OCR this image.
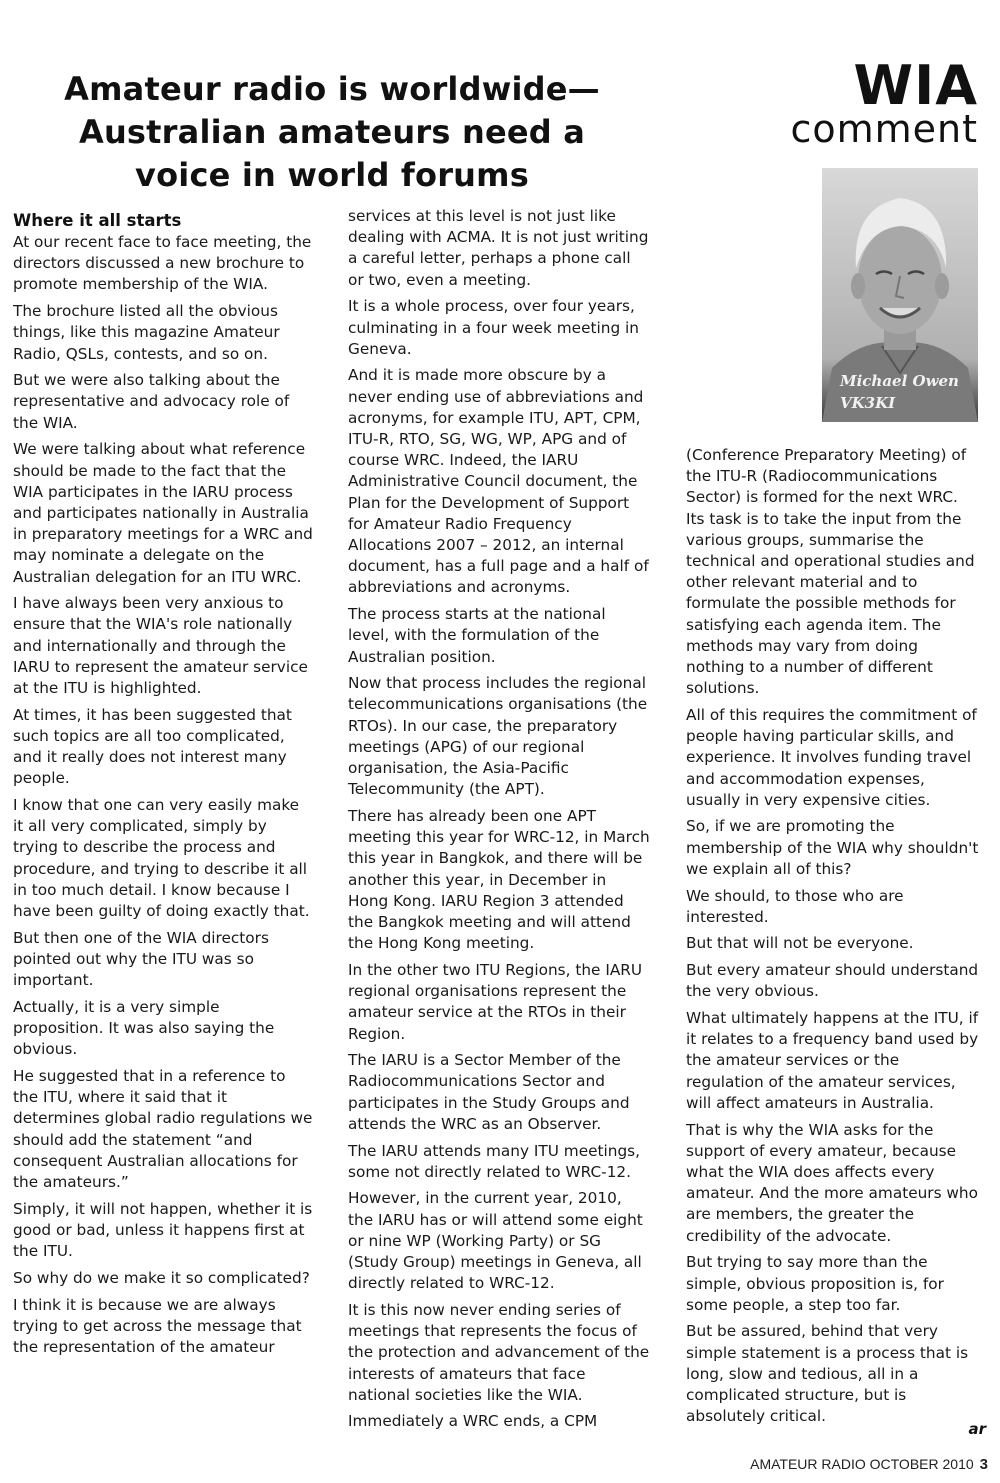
Amateur radio is worldwide—
Australian amateurs need a
voice in world forums
WIA
comment
Michael Owen
VK3KI
Where it all starts

At our recent face to face meeting, the directors discussed a new brochure to promote membership of the WIA.

The brochure listed all the obvious things, like this magazine Amateur Radio, QSLs, contests, and so on.

But we were also talking about the representative and advocacy role of the WIA.

We were talking about what reference should be made to the fact that the WIA participates in the IARU process and participates nationally in Australia in preparatory meetings for a WRC and may nominate a delegate on the Australian delegation for an ITU WRC.

I have always been very anxious to ensure that the WIA's role nationally and internationally and through the IARU to represent the amateur service at the ITU is highlighted.

At times, it has been suggested that such topics are all too complicated, and it really does not interest many people.

I know that one can very easily make it all very complicated, simply by trying to describe the process and procedure, and trying to describe it all in too much detail. I know because I have been guilty of doing exactly that.

But then one of the WIA directors pointed out why the ITU was so important.

Actually, it is a very simple proposition. It was also saying the obvious.

He suggested that in a reference to the ITU, where it said that it determines global radio regulations we should add the statement “and consequent Australian allocations for the amateurs.”

Simply, it will not happen, whether it is good or bad, unless it happens first at the ITU.

So why do we make it so complicated?

I think it is because we are always trying to get across the message that the representation of the amateur

services at this level is not just like dealing with ACMA. It is not just writing a careful letter, perhaps a phone call or two, even a meeting.

It is a whole process, over four years, culminating in a four week meeting in Geneva.

And it is made more obscure by a never ending use of abbreviations and acronyms, for example ITU, APT, CPM, ITU-R, RTO, SG, WG, WP, APG and of course WRC. Indeed, the IARU Administrative Council document, the Plan for the Development of Support for Amateur Radio Frequency Allocations 2007 – 2012, an internal document, has a full page and a half of abbreviations and acronyms.

The process starts at the national level, with the formulation of the Australian position.

Now that process includes the regional telecommunications organisations (the RTOs). In our case, the preparatory meetings (APG) of our regional organisation, the Asia-Pacific Telecommunity (the APT).

There has already been one APT meeting this year for WRC-12, in March this year in Bangkok, and there will be another this year, in December in Hong Kong. IARU Region 3 attended the Bangkok meeting and will attend the Hong Kong meeting.

In the other two ITU Regions, the IARU regional organisations represent the amateur service at the RTOs in their Region.

The IARU is a Sector Member of the Radiocommunications Sector and participates in the Study Groups and attends the WRC as an Observer.

The IARU attends many ITU meetings, some not directly related to WRC-12.

However, in the current year, 2010, the IARU has or will attend some eight or nine WP (Working Party) or SG (Study Group) meetings in Geneva, all directly related to WRC-12.

It is this now never ending series of meetings that represents the focus of the protection and advancement of the interests of amateurs that face national societies like the WIA.

Immediately a WRC ends, a CPM

(Conference Preparatory Meeting) of the ITU-R (Radiocommunications Sector) is formed for the next WRC. Its task is to take the input from the various groups, summarise the technical and operational studies and other relevant material and to formulate the possible methods for satisfying each agenda item. The methods may vary from doing nothing to a number of different solutions.

All of this requires the commitment of people having particular skills, and experience. It involves funding travel and accommodation expenses, usually in very expensive cities.

So, if we are promoting the membership of the WIA why shouldn't we explain all of this?

We should, to those who are interested.

But that will not be everyone.

But every amateur should understand the very obvious.

What ultimately happens at the ITU, if it relates to a frequency band used by the amateur services or the regulation of the amateur services, will affect amateurs in Australia.

That is why the WIA asks for the support of every amateur, because what the WIA does affects every amateur. And the more amateurs who are members, the greater the credibility of the advocate.

But trying to say more than the simple, obvious proposition is, for some people, a step too far.

But be assured, behind that very simple statement is a process that is long, slow and tedious, all in a complicated structure, but is absolutely critical.

ar
AMATEUR RADIO OCTOBER 2010 3
